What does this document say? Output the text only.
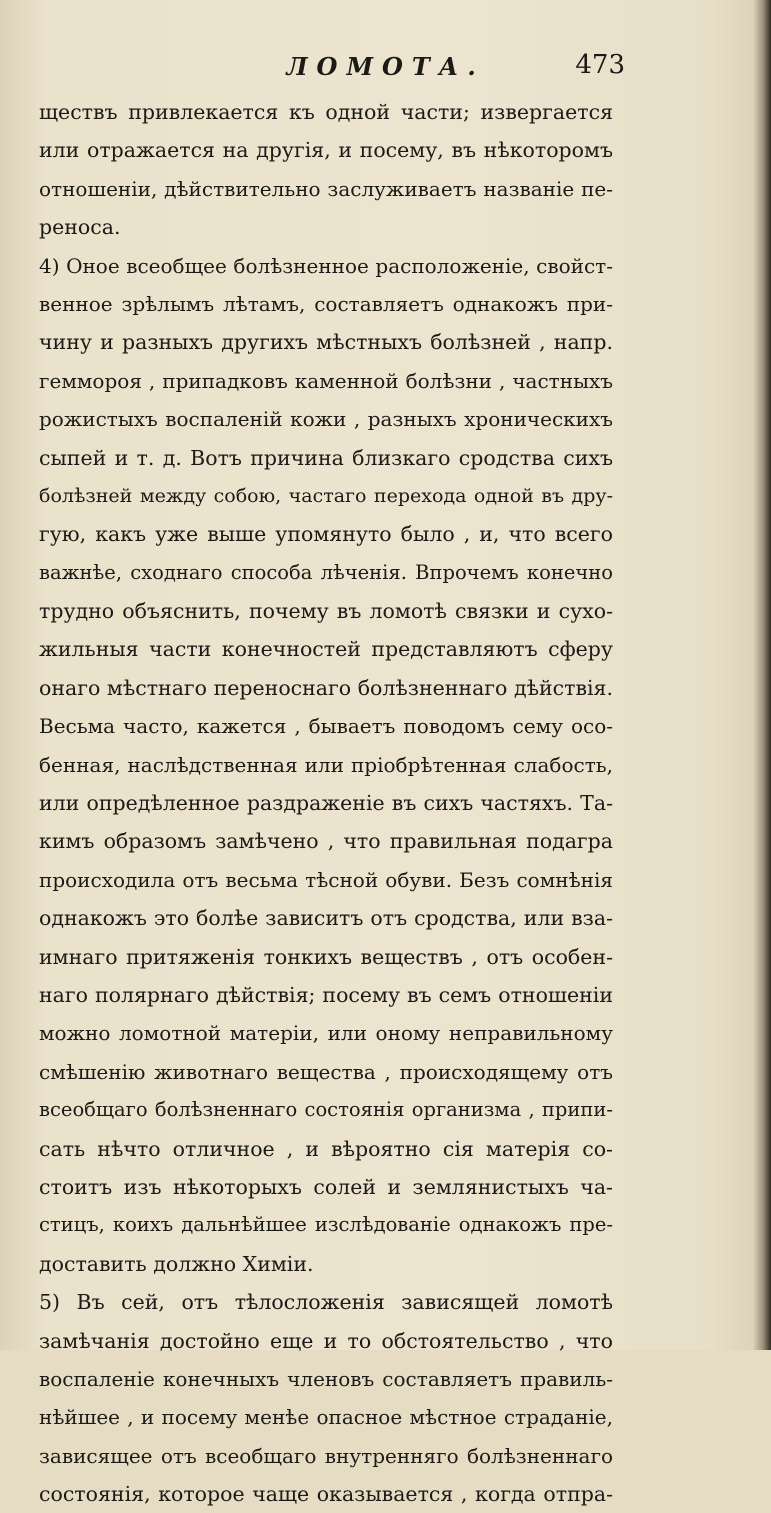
ЛОМОТА.	473
ществъ привлекается къ одной части; извергается
или отражается на другія, и посему, въ нѣкоторомъ
отношеніи, дѣйствительно заслуживаетъ названіе пе-
реноса.
4) Оное всеобщее болѣзненное расположеніе, свойст-
венное зрѣлымъ лѣтамъ, составляетъ однакожъ при-
чину и разныхъ другихъ мѣстныхъ болѣзней , напр.
геммороя , припадковъ каменной болѣзни , частныхъ
рожистыхъ воспаленій кожи , разныхъ хроническихъ
сыпей и т. д. Вотъ причина близкаго сродства сихъ
болѣзней между собою, частаго перехода одной въ дру-
гую, какъ уже выше упомянуто было , и, что всего
важнѣе, сходнаго способа лѣченія. Впрочемъ конечно
трудно объяснить, почему въ ломотѣ связки и сухо-
жильныя части конечностей представляютъ сферу
онаго мѣстнаго переноснаго болѣзненнаго дѣйствія.
Весьма часто, кажется , бываетъ поводомъ сему осо-
бенная, наслѣдственная или пріобрѣтенная слабость,
или опредѣленное раздраженіе въ сихъ частяхъ. Та-
кимъ образомъ замѣчено , что правильная подагра
происходила отъ весьма тѣсной обуви. Безъ сомнѣнія
однакожъ это болѣе зависитъ отъ сродства, или вза-
имнаго притяженія тонкихъ веществъ , отъ особен-
наго полярнаго дѣйствія; посему въ семъ отношеніи
можно ломотной матеріи, или оному неправильному
смѣшенію животнаго вещества , происходящему отъ
всеобщаго болѣзненнаго состоянія организма , припи-
сать нѣчто отличное , и вѣроятно сія матерія со-
стоитъ изъ нѣкоторыхъ солей и землянистыхъ ча-
стицъ, коихъ дальнѣйшее изслѣдованіе однакожъ пре-
доставить должно Химіи.
5) Въ сей, отъ тѣлосложенія зависящей ломотѣ
замѣчанія достойно еще и то обстоятельство , что
воспаленіе конечныхъ членовъ составляетъ правиль-
нѣйшее , и посему менѣе опасное мѣстное страданіе,
зависящее отъ всеобщаго внутренняго болѣзненнаго
состоянія, которое чаще оказывается , когда отпра-
